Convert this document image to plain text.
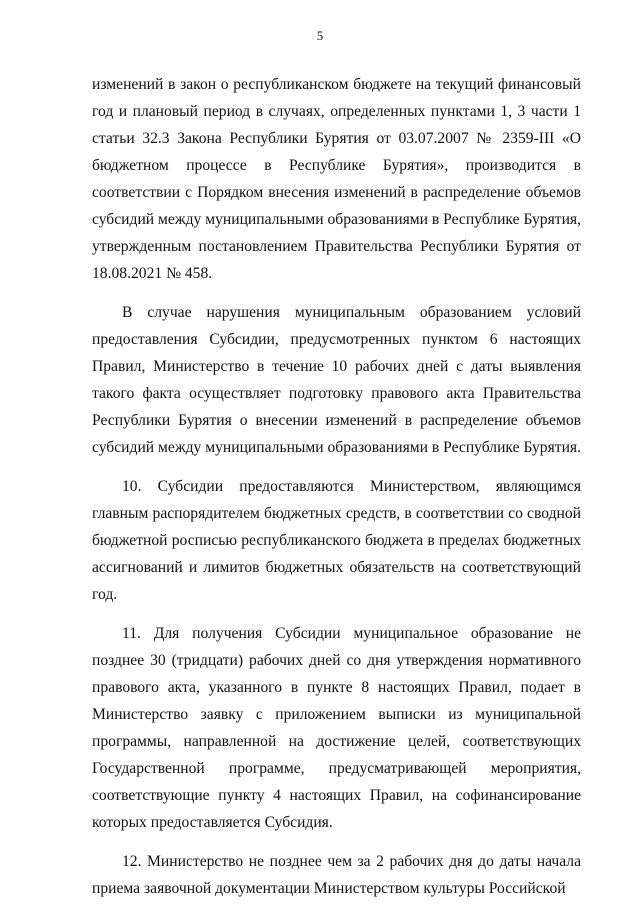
5

изменений в закон о республиканском бюджете на текущий финансовый год и плановый период в случаях, определенных пунктами 1, 3 части 1 статьи 32.3 Закона Республики Бурятия от 03.07.2007 № 2359-III «О бюджетном процессе в Республике Бурятия», производится в соответствии с Порядком внесения изменений в распределение объемов субсидий между муниципальными образованиями в Республике Бурятия, утвержденным постановлением Правительства Республики Бурятия от 18.08.2021 № 458.

В случае нарушения муниципальным образованием условий предоставления Субсидии, предусмотренных пунктом 6 настоящих Правил, Министерство в течение 10 рабочих дней с даты выявления такого факта осуществляет подготовку правового акта Правительства Республики Бурятия о внесении изменений в распределение объемов субсидий между муниципальными образованиями в Республике Бурятия.

10. Субсидии предоставляются Министерством, являющимся главным распорядителем бюджетных средств, в соответствии со сводной бюджетной росписью республиканского бюджета в пределах бюджетных ассигнований и лимитов бюджетных обязательств на соответствующий год.

11. Для получения Субсидии муниципальное образование не позднее 30 (тридцати) рабочих дней со дня утверждения нормативного правового акта, указанного в пункте 8 настоящих Правил, подает в Министерство заявку с приложением выписки из муниципальной программы, направленной на достижение целей, соответствующих Государственной программе, предусматривающей мероприятия, соответствующие пункту 4 настоящих Правил, на софинансирование которых предоставляется Субсидия.

12. Министерство не позднее чем за 2 рабочих дня до даты начала приема заявочной документации Министерством культуры Российской
